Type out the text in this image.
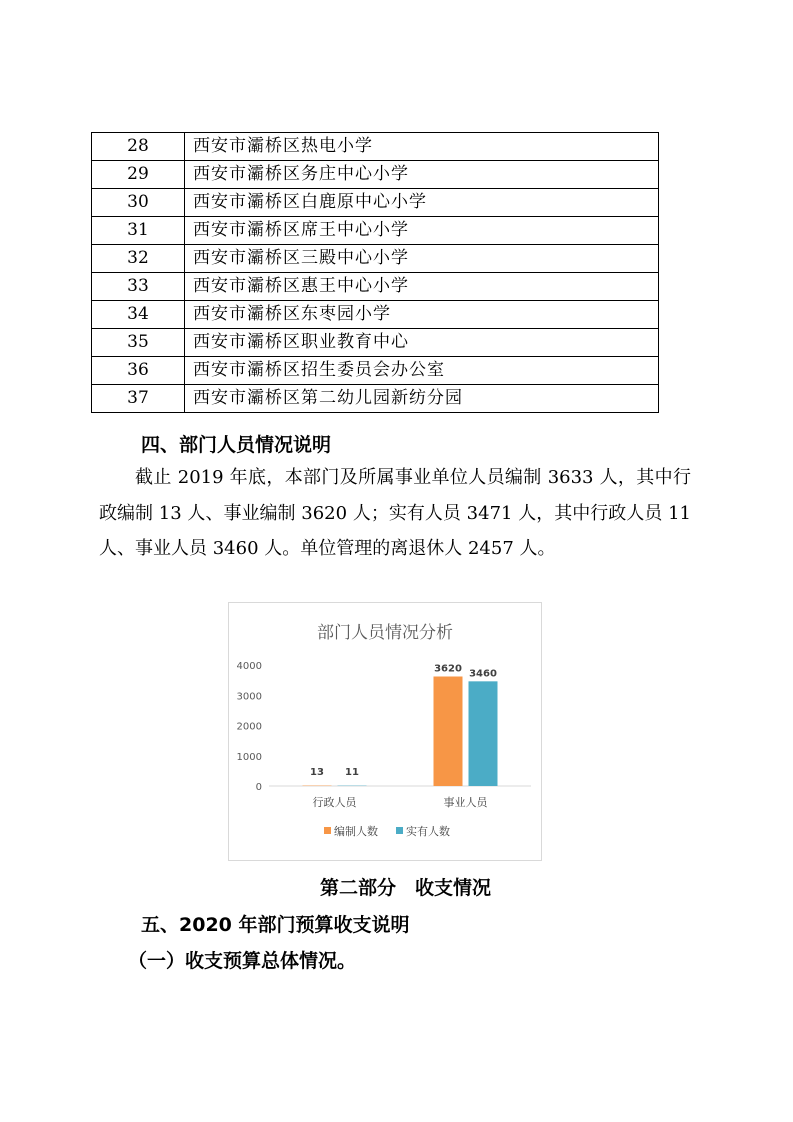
28	西安市灞桥区热电小学
29	西安市灞桥区务庄中心小学
30	西安市灞桥区白鹿原中心小学
31	西安市灞桥区席王中心小学
32	西安市灞桥区三殿中心小学
33	西安市灞桥区惠王中心小学
34	西安市灞桥区东枣园小学
35	西安市灞桥区职业教育中心
36	西安市灞桥区招生委员会办公室
37	西安市灞桥区第二幼儿园新纺分园
四、部门人员情况说明
截止 2019 年底，本部门及所属事业单位人员编制 3633 人，其中行政编制 13 人、事业编制 3620 人；实有人员 3471 人，其中行政人员 11 人、事业人员 3460 人。单位管理的离退休人 2457 人。
部门人员情况分析
0
1000
2000
3000
4000
13 11
3620 3460
行政人员	事业人员
编制人数	实有人数
第二部分　收支情况
五、2020 年部门预算收支说明
（一）收支预算总体情况。
